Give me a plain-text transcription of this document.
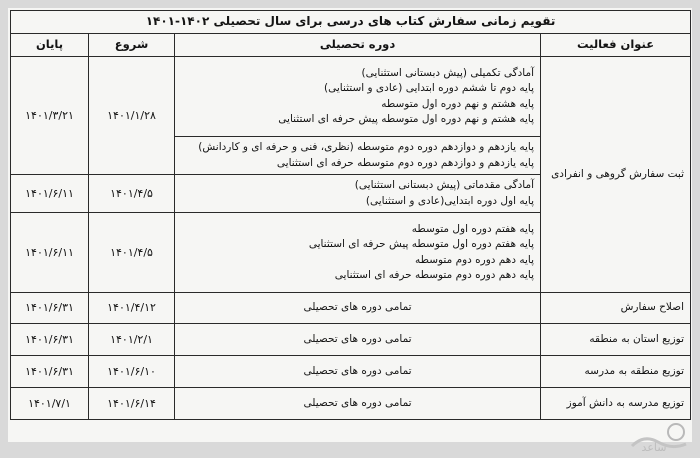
تقویم زمانی سفارش کتاب های درسی برای سال تحصیلی ۱۴۰۲-۱۴۰۱			
عنوان فعالیت	دوره تحصیلی	شروع	پایان
ثبت سفارش گروهی و انفرادی	آمادگی تکمیلی (پیش دبستانی استثنایی)
پایه دوم تا ششم دوره ابتدایی (عادی و استثنایی)
پایه هشتم و نهم دوره اول متوسطه
پایه هشتم و نهم دوره اول متوسطه پیش حرفه ای استثنایی	۱۴۰۱/۱/۲۸	۱۴۰۱/۳/۲۱

	پایه یازدهم و دوازدهم دوره دوم متوسطه (نظری، فنی و حرفه ای و کاردانش)
پایه یازدهم و دوازدهم دوره دوم متوسطه حرفه ای استثنایی		

	آمادگی مقدماتی (پیش دبستانی استثنایی)
پایه اول دوره ابتدایی(عادی و استثنایی)	۱۴۰۱/۴/۵	۱۴۰۱/۶/۱۱

	پایه هفتم دوره اول متوسطه
پایه هفتم دوره اول متوسطه پیش حرفه ای استثنایی
پایه دهم دوره دوم متوسطه
پایه دهم دوره دوم متوسطه حرفه ای استثنایی	۱۴۰۱/۴/۵	۱۴۰۱/۶/۱۱
اصلاح سفارش	تمامی دوره های تحصیلی	۱۴۰۱/۴/۱۲	۱۴۰۱/۶/۳۱
توزیع استان به منطقه	تمامی دوره های تحصیلی	۱۴۰۱/۲/۱	۱۴۰۱/۶/۳۱
توزیع منطقه به مدرسه	تمامی دوره های تحصیلی	۱۴۰۱/۶/۱۰	۱۴۰۱/۶/۳۱
توزیع مدرسه به دانش آموز	تمامی دوره های تحصیلی	۱۴۰۱/۶/۱۴	۱۴۰۱/۷/۱
ساعد
